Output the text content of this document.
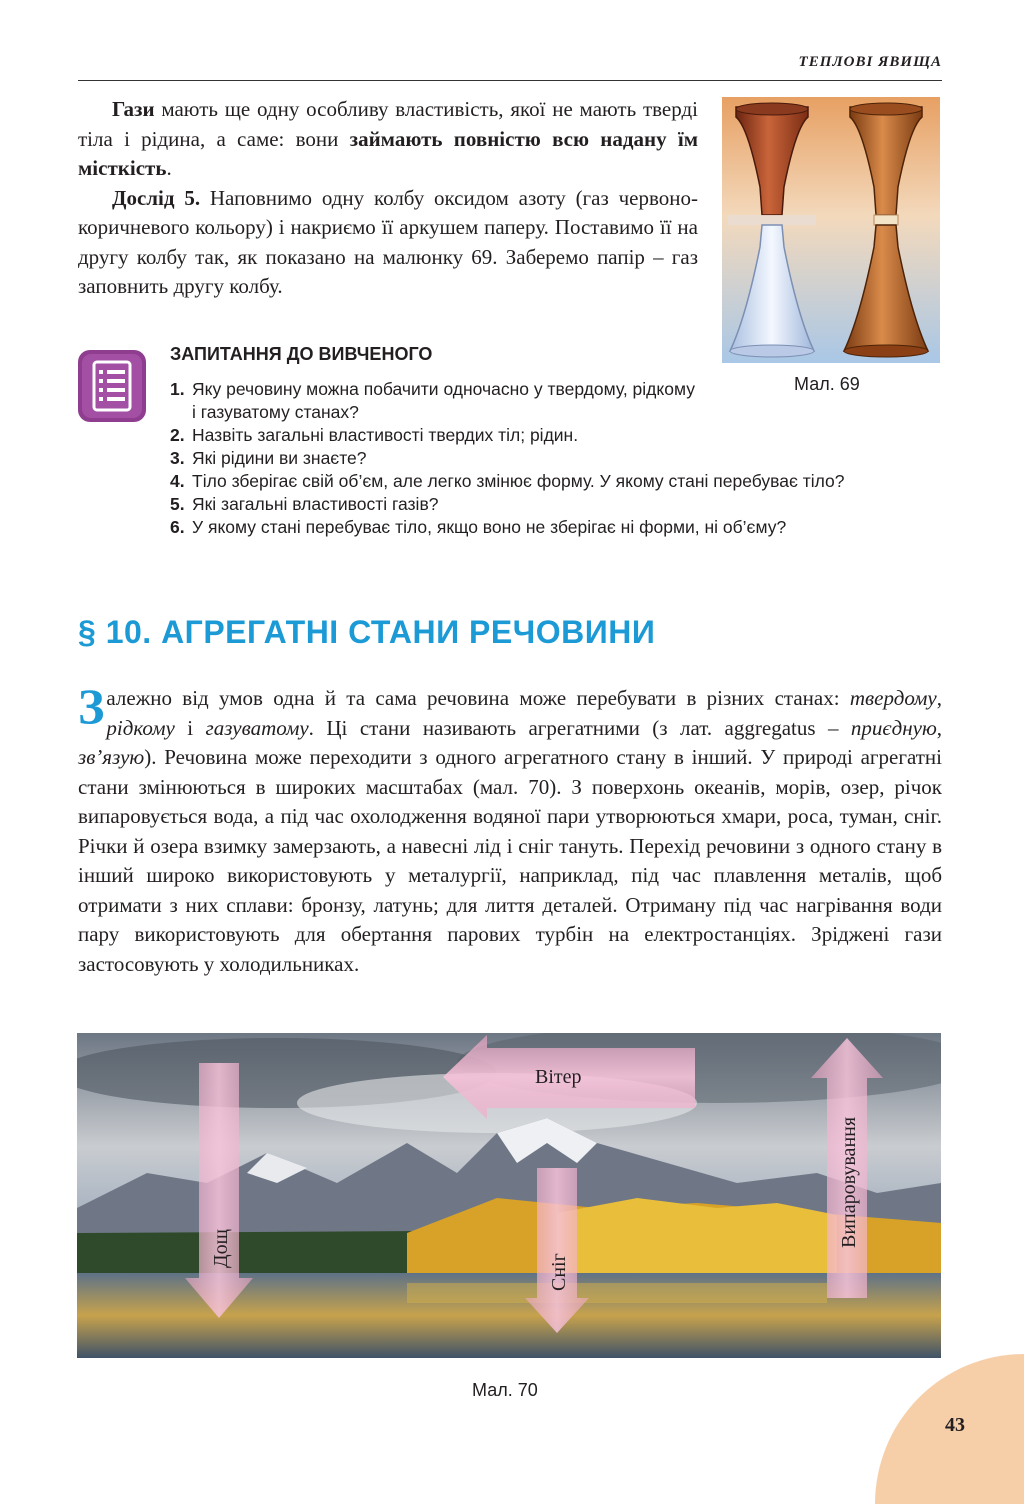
ТЕПЛОВІ ЯВИЩА

Гази мають ще одну особливу властивість, якої не мають тверді тіла і рідина, а саме: вони займають повністю всю надану їм місткість.

Дослід 5. Наповнимо одну колбу оксидом азоту (газ червоно-коричневого кольору) і накриємо її аркушем паперу. Поставимо її на другу колбу так, як показано на малюнку 69. Заберемо папір – газ заповнить другу колбу.

Мал. 69
ЗАПИТАННЯ ДО ВИВЧЕНОГО
1. Яку речовину можна побачити одночасно у твердому, рідкому і газуватому станах?
2. Назвіть загальні властивості твердих тіл; рідин.
3. Які рідини ви знаєте?
4. Тіло зберігає свій об’єм, але легко змінює форму. У якому стані перебуває тіло?
5. Які загальні властивості газів?
6. У якому стані перебуває тіло, якщо воно не зберігає ні форми, ні об’єму?
§ 10. АГРЕГАТНІ СТАНИ РЕЧОВИНИ

Залежно від умов одна й та сама речовина може перебувати в різних станах: твердому, рідкому і газуватому. Ці стани називають агрегатними (з лат. aggregatus – приєдную, зв’язую). Речовина може переходити з одного агрегатного стану в інший. У природі агрегатні стани змінюються в широких масштабах (мал. 70). З поверхонь океанів, морів, озер, річок випаровується вода, а під час охолодження водяної пари утворюються хмари, роса, туман, сніг. Річки й озера взимку замерзають, а навесні лід і сніг тануть. Перехід речовини з одного стану в інший широко використовують у металургії, наприклад, під час плавлення металів, щоб отримати з них сплави: бронзу, латунь; для лиття деталей. Отриману під час нагрівання води пару використовують для обертання парових турбін на електростанціях. Зріджені гази застосовують у холодильниках.

Вітер
Дощ
Сніг
Випаровування
Мал. 70
43
